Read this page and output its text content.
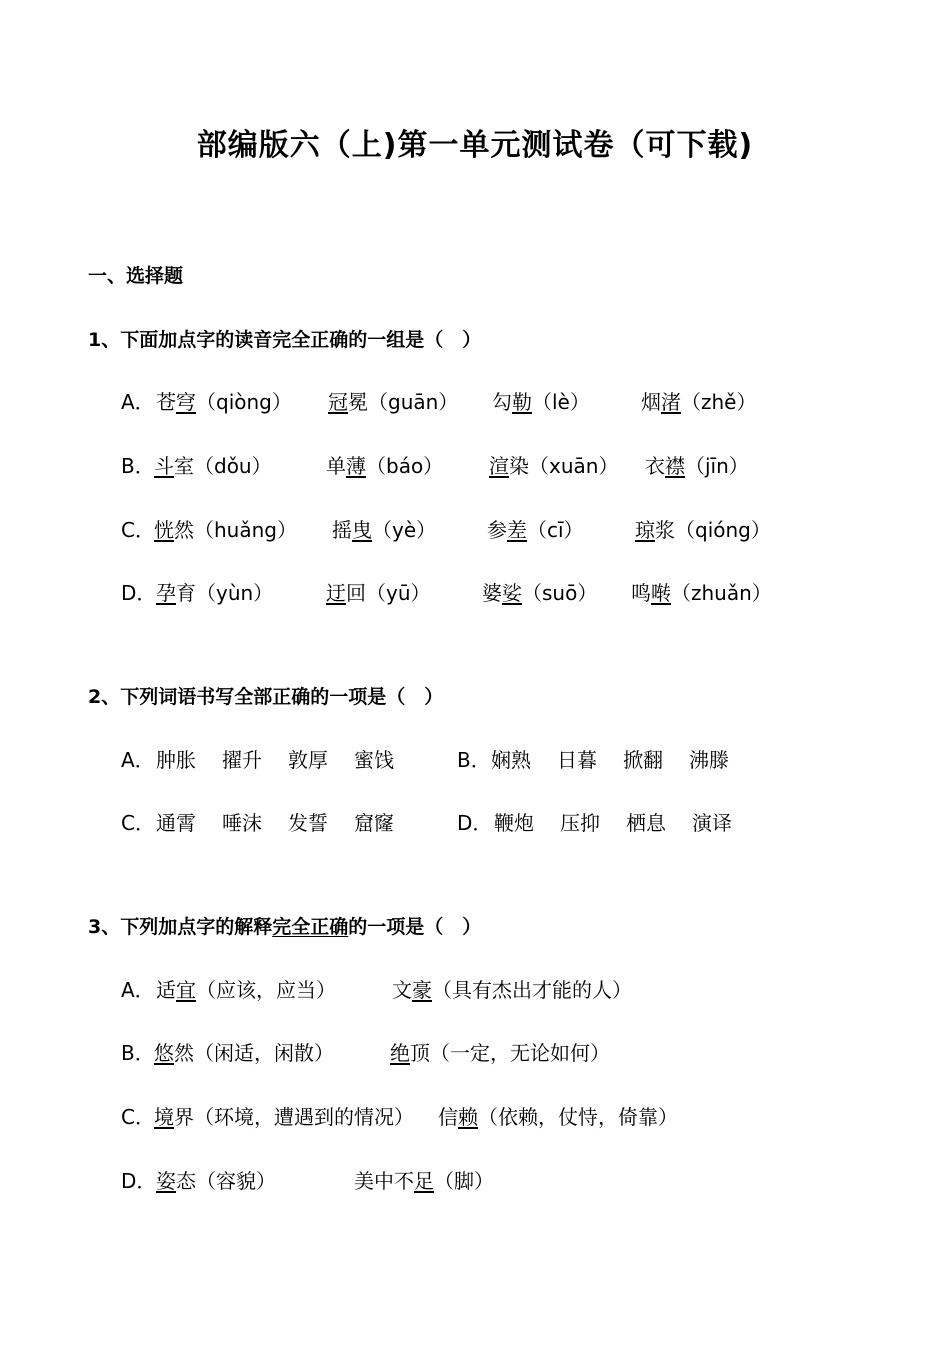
部编版六（上)第一单元测试卷（可下载)
一、选择题
1、下面加点字的读音完全正确的一组是（　）
A． 苍穹（qiòng） 冠冕（guān） 勾勒（lè）	烟渚（zhě）
B． 斗室（dǒu）	单薄（báo） 渲染（xuān） 衣襟（jīn）
C． 恍然（huǎng） 摇曳（yè）	参差（cī）	琼浆（qióng）
D． 孕育（yùn）	迂回（yū）	婆娑（suō） 鸣啭（zhuǎn）
2、下列词语书写全部正确的一项是（　）
A． 肿胀 擢升 敦厚 蜜饯	B． 娴熟 日暮 掀翻 沸滕
C． 通霄 唾沫 发誓 窟窿	D． 鞭炮 压抑 栖息 演译
3、下列加点字的解释完全正确的一项是（　）
A． 适宜（应该，应当）	文豪（具有杰出才能的人）
B． 悠然（闲适，闲散）	绝顶（一定，无论如何）
C． 境界（环境，遭遇到的情况） 信赖（依赖，仗恃，倚靠）
D． 姿态（容貌）	美中不足（脚）
